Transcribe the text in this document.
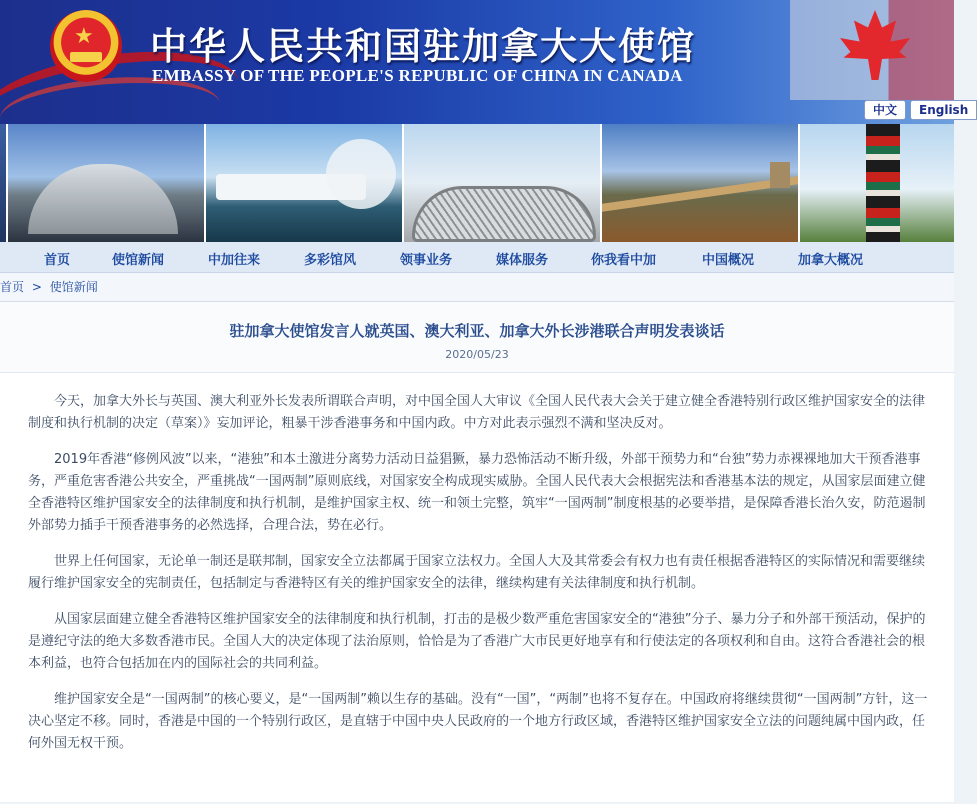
★ 中华人民共和国驻加拿大大使馆
EMBASSY OF THE PEOPLE'S REPUBLIC OF CHINA IN CANADA
中文	English
首页	使馆新闻	中加往来	多彩馆风	领事业务	媒体服务	你我看中加	中国概况	加拿大概况
首页 > 使馆新闻
驻加拿大使馆发言人就英国、澳大利亚、加拿大外长涉港联合声明发表谈话
2020/05/23

今天，加拿大外长与英国、澳大利亚外长发表所谓联合声明，对中国全国人大审议《全国人民代表大会关于建立健全香港特别行政区维护国家安全的法律制度和执行机制的决定（草案）》妄加评论，粗暴干涉香港事务和中国内政。中方对此表示强烈不满和坚决反对。

2019年香港“修例风波”以来，“港独”和本土激进分离势力活动日益猖獗，暴力恐怖活动不断升级，外部干预势力和“台独”势力赤裸裸地加大干预香港事务，严重危害香港公共安全，严重挑战“一国两制”原则底线，对国家安全构成现实威胁。全国人民代表大会根据宪法和香港基本法的规定，从国家层面建立健全香港特区维护国家安全的法律制度和执行机制，是维护国家主权、统一和领土完整，筑牢“一国两制”制度根基的必要举措，是保障香港长治久安，防范遏制外部势力插手干预香港事务的必然选择，合理合法，势在必行。

世界上任何国家，无论单一制还是联邦制，国家安全立法都属于国家立法权力。全国人大及其常委会有权力也有责任根据香港特区的实际情况和需要继续履行维护国家安全的宪制责任，包括制定与香港特区有关的维护国家安全的法律，继续构建有关法律制度和执行机制。

从国家层面建立健全香港特区维护国家安全的法律制度和执行机制，打击的是极少数严重危害国家安全的“港独”分子、暴力分子和外部干预活动，保护的是遵纪守法的绝大多数香港市民。全国人大的决定体现了法治原则，恰恰是为了香港广大市民更好地享有和行使法定的各项权利和自由。这符合香港社会的根本利益，也符合包括加在内的国际社会的共同利益。

维护国家安全是“一国两制”的核心要义，是“一国两制”赖以生存的基础。没有“一国”，“两制”也将不复存在。中国政府将继续贯彻“一国两制”方针，这一决心坚定不移。同时，香港是中国的一个特别行政区，是直辖于中国中央人民政府的一个地方行政区域，香港特区维护国家安全立法的问题纯属中国内政，任何外国无权干预。
